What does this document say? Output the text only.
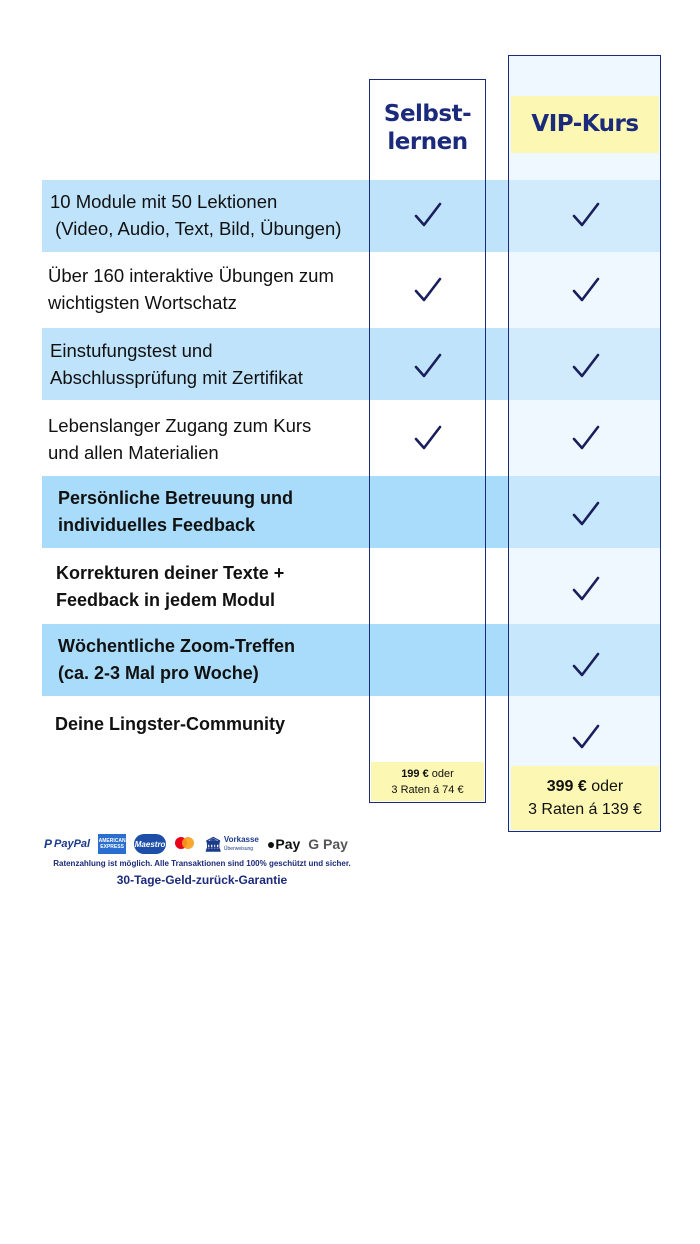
Selbst-
lernen
VIP-Kurs
10 Module mit 50 Lektionen
(Video, Audio, Text, Bild, Übungen)
Über 160 interaktive Übungen zum
wichtigsten Wortschatz
Einstufungstest und
Abschlussprüfung mit Zertifikat
Lebenslanger Zugang zum Kurs
und allen Materialien
Persönliche Betreuung und
individuelles Feedback
Korrekturen deiner Texte +
Feedback in jedem Modul
Wöchentliche Zoom-Treffen
(ca. 2-3 Mal pro Woche)
Deine Lingster-Community
199 € oder
3 Raten á 74 €	399 € oder
3 Raten á 139 €
P PayPal AMERICAN EXPRESS Maestro	🏛 Vorkasse
Überweisung ● Pay G Pay
Ratenzahlung ist möglich. Alle Transaktionen sind 100% geschützt und sicher.
30-Tage-Geld-zurück-Garantie
